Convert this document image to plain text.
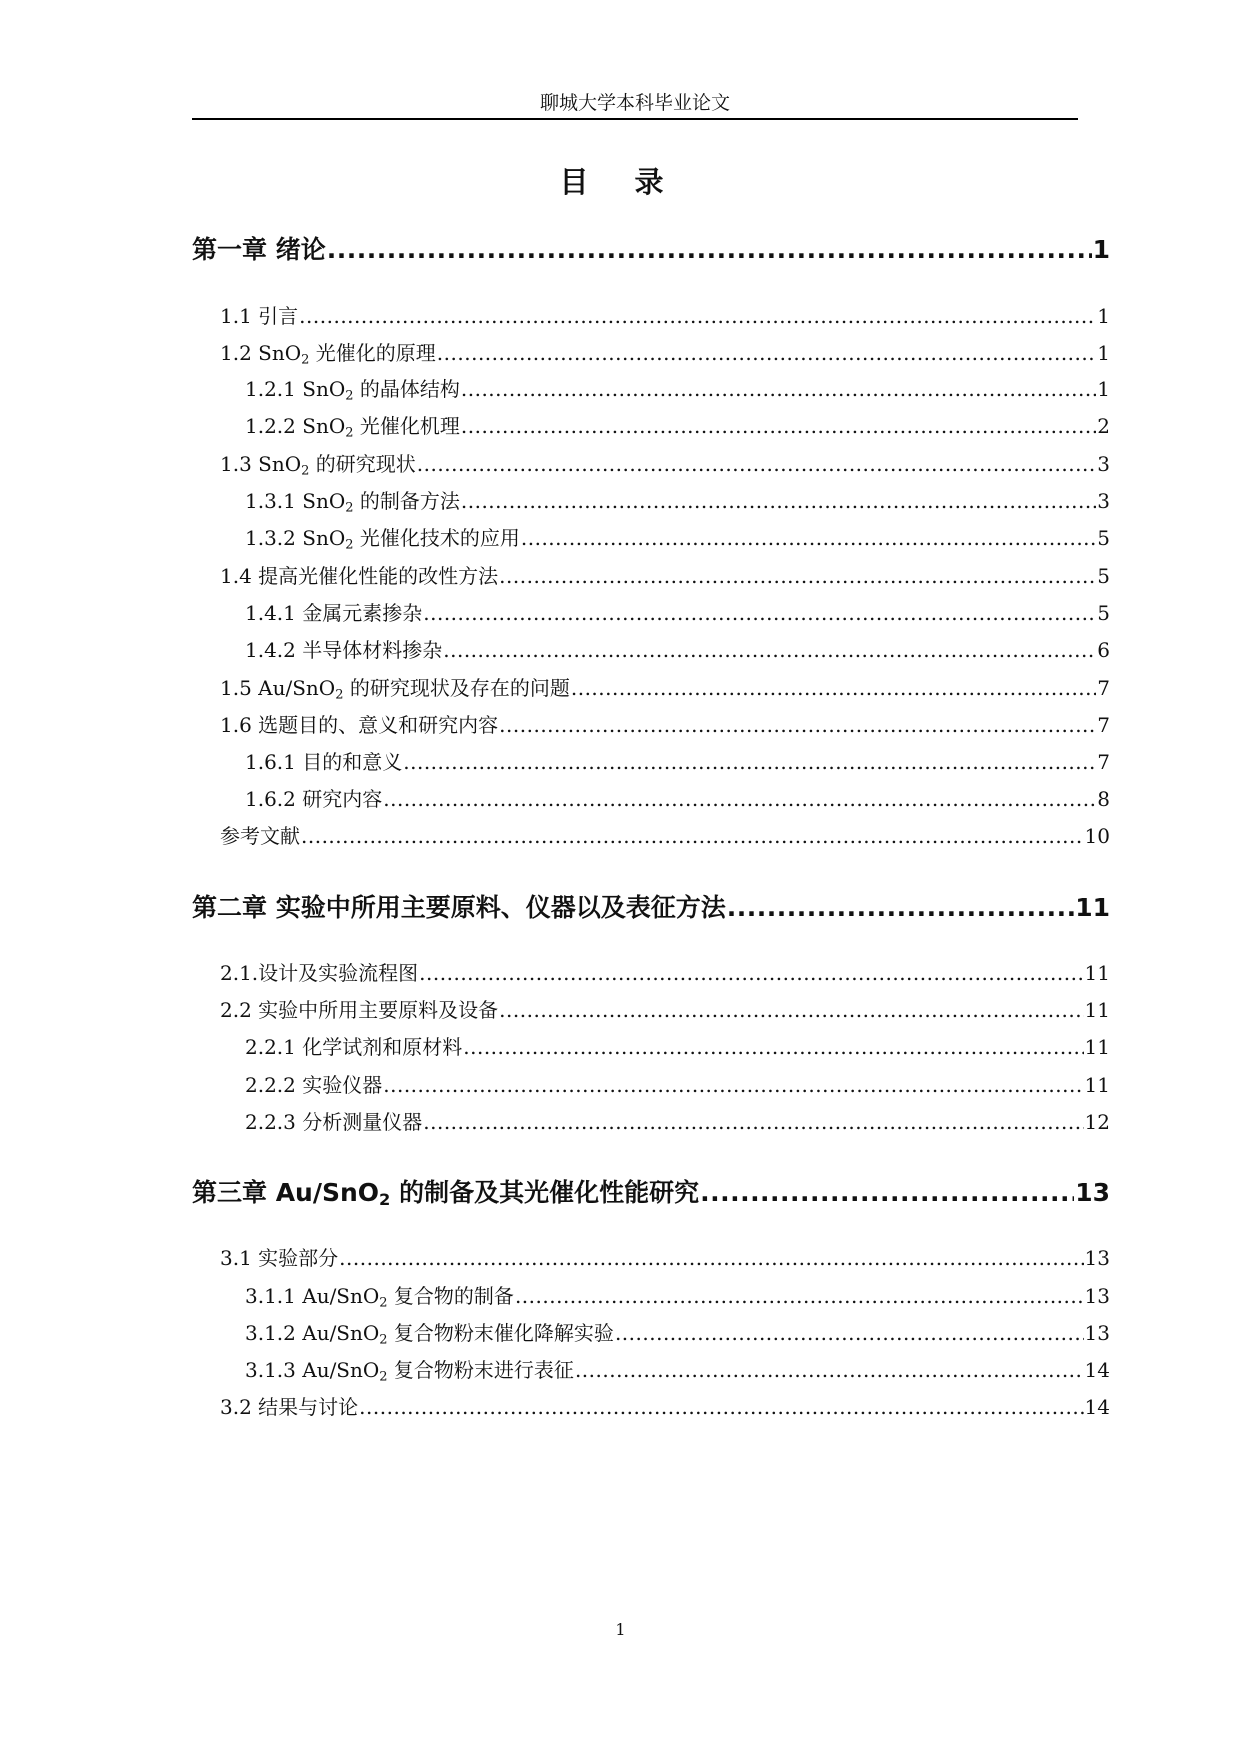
聊城大学本科毕业论文
目 录
第一章 绪论 .....	1
1.1 引言 .....	1
1.2 SnO$_2$ 光催化的原理 .....	1
1.2.1 SnO$_2$ 的晶体结构 .....	1
1.2.2 SnO$_2$ 光催化机理 .....	2
1.3 SnO$_2$ 的研究现状 .....	3
1.3.1 SnO$_2$ 的制备方法 .....	3
1.3.2 SnO$_2$ 光催化技术的应用 .....	5
1.4 提高光催化性能的改性方法 .....	5
1.4.1 金属元素掺杂 .....	5
1.4.2 半导体材料掺杂 .....	6
1.5 Au/SnO$_2$ 的研究现状及存在的问题 .....	7
1.6 选题目的、意义和研究内容 .....	7
1.6.1 目的和意义 .....	7
1.6.2 研究内容 .....	8
参考文献 .....	10
第二章 实验中所用主要原料、仪器以及表征方法 .....	11
2.1.设计及实验流程图 .....	11
2.2 实验中所用主要原料及设备 .....	11
2.2.1 化学试剂和原材料 .....	11
2.2.2 实验仪器 .....	11
2.2.3 分析测量仪器 .....	12
第三章 Au/SnO$_2$ 的制备及其光催化性能研究 .....	13
3.1 实验部分 .....	13
3.1.1 Au/SnO$_2$ 复合物的制备 .....	13
3.1.2 Au/SnO$_2$ 复合物粉末催化降解实验 .....	13
3.1.3 Au/SnO$_2$ 复合物粉末进行表征 .....	14
3.2 结果与讨论 .....	14
1
